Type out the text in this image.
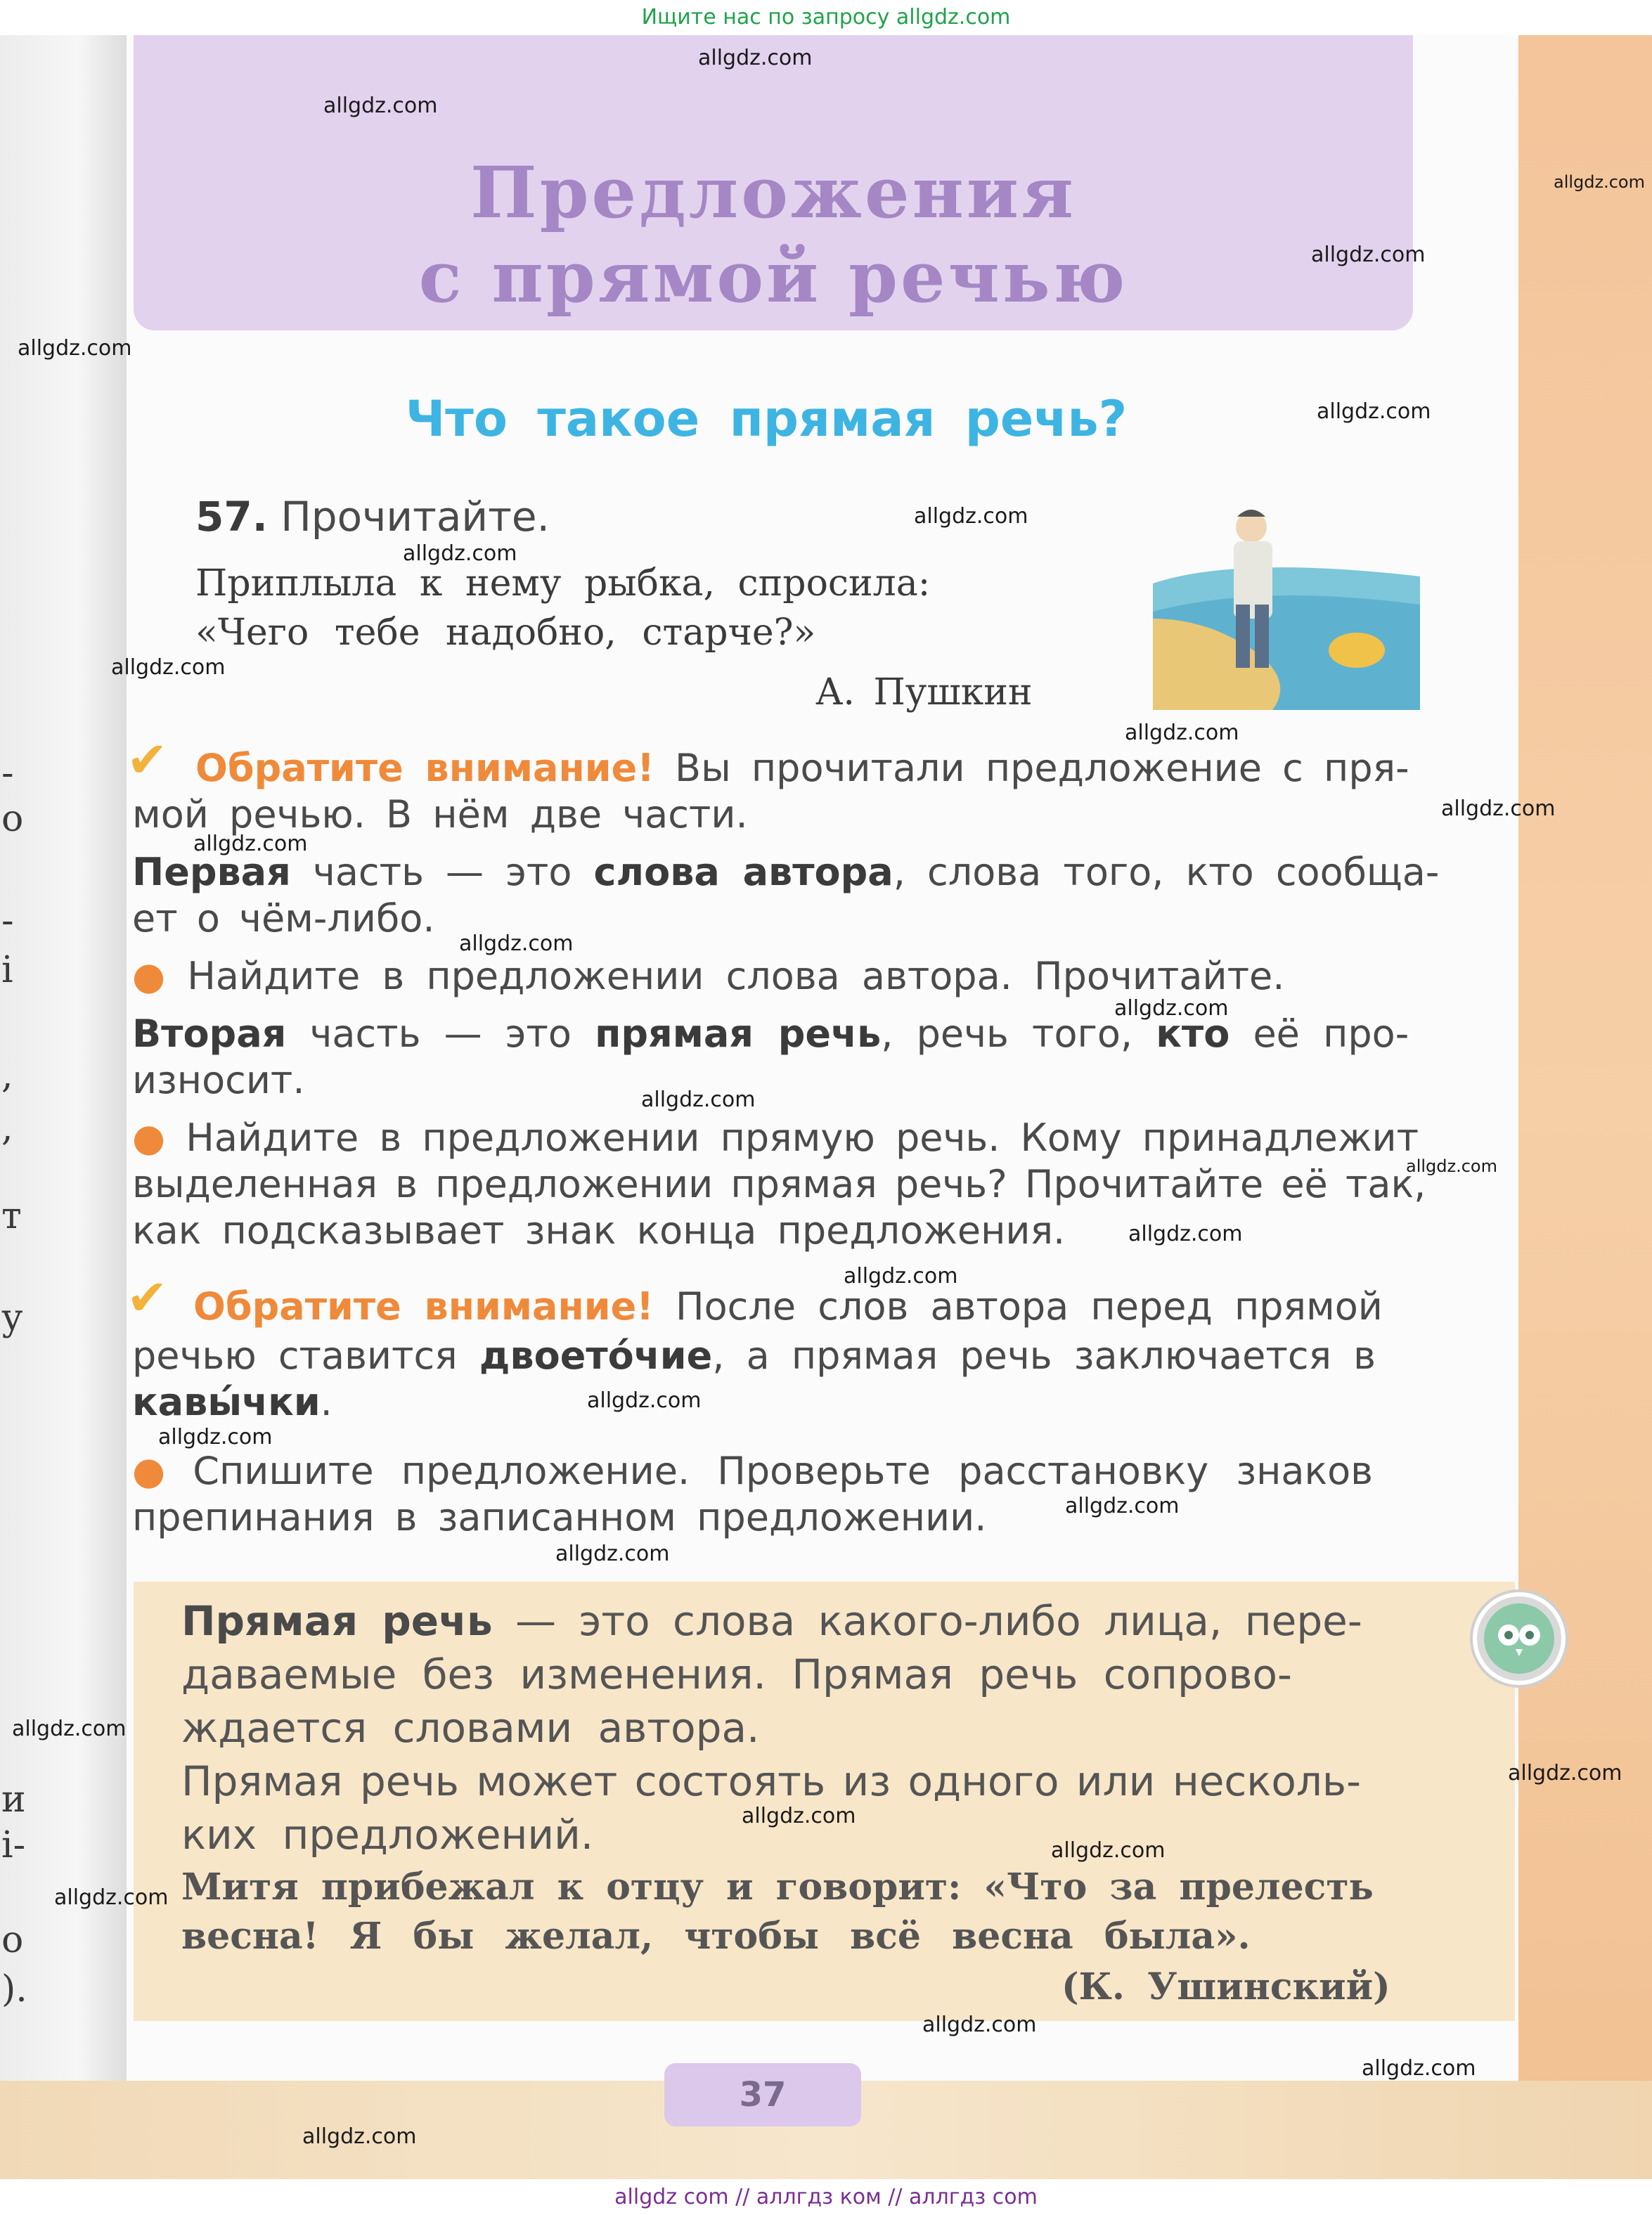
Ищите нас по запросу allgdz.com
-
о
-
і
,
,
т
у
и
і-
о
).
Предложения
с прямой речью
Что такое прямая речь?
57. Прочитайте.
Приплыла к нему рыбка, спросила:
«Чего тебе надобно, старче?»
А. Пушкин
✔ Обратите внимание! Вы прочитали предложение с пря-
мой речью. В нём две части.
Первая часть — это слова автора, слова того, кто сообща-
ет о чём-либо.
● Найдите в предложении слова автора. Прочитайте.
Вторая часть — это прямая речь, речь того, кто её про-
износит.
● Найдите в предложении прямую речь. Кому принадлежит
выделенная в предложении прямая речь? Прочитайте её так,
как подсказывает знак конца предложения.
✔ Обратите внимание! После слов автора перед прямой
речью ставится двоето́чие, а прямая речь заключается в
кавы́чки.
● Спишите предложение. Проверьте расстановку знаков
препинания в записанном предложении.
Прямая речь — это слова какого-либо лица, пере-
даваемые без изменения. Прямая речь сопрово-
ждается словами автора.
Прямая речь может состоять из одного или несколь-
ких предложений.
Митя прибежал к отцу и говорит: «Что за прелесть
весна! Я бы желал, чтобы всё весна была».
(К. Ушинский)
37
allgdz.com
allgdz.com
allgdz.com
allgdz.com
allgdz.com
allgdz.com
allgdz.com
allgdz.com
allgdz.com
allgdz.com
allgdz.com
allgdz.com
allgdz.com
allgdz.com
allgdz.com
allgdz.com
allgdz.com
allgdz.com
allgdz.com
allgdz.com
allgdz.com
allgdz.com
allgdz.com
allgdz.com
allgdz.com
allgdz.com
allgdz.com
allgdz.com
allgdz.com
allgdz.com
allgdz com // аллгдз ком // аллгдз com
